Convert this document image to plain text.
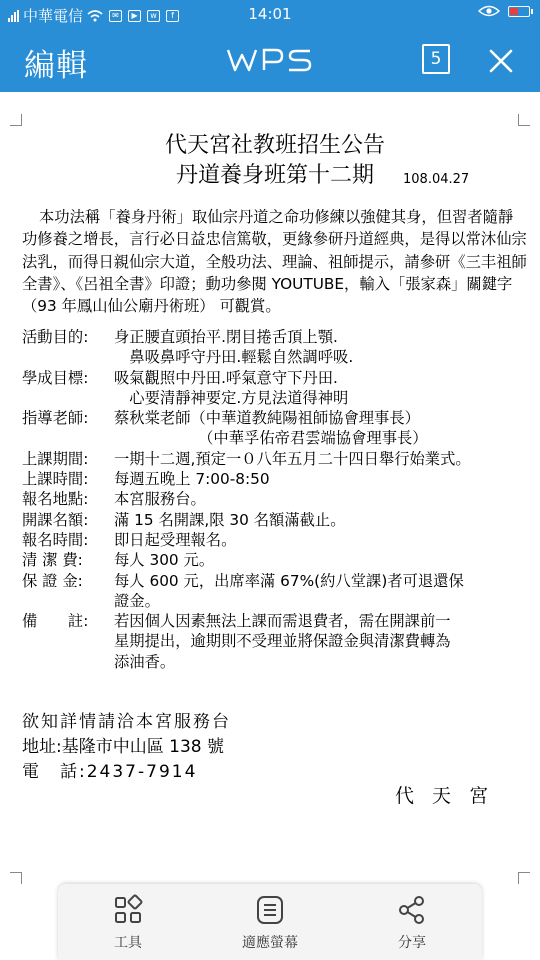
中華電信	✉	▶	w	f	14:01
編輯	5
代天宮社教班招生公告
丹道養身班第十二期	108.04.27
本功法稱「養身丹術」取仙宗丹道之命功修練以強健其身，但習者隨靜功修養之增長，言行必日益忠信篤敬，更緣參研丹道經典，是得以常沐仙宗法乳，而得日親仙宗大道，全般功法、理論、祖師提示，請參研《三丰祖師全書》、《呂祖全書》印證；動功參閱 YOUTUBE，輸入「張家森」關鍵字 （93 年鳳山仙公廟丹術班） 可觀賞。
活動目的:	身正腰直頭抬平.閉目捲舌頂上顎.
　鼻吸鼻呼守丹田.輕鬆自然調呼吸.
學成目標:	吸氣觀照中丹田.呼氣意守下丹田.
　心要清靜神要定.方見法道得神明
指導老師:	蔡秋棠老師（中華道教純陽祖師協會理事長）
　　　　　　（中華孚佑帝君雲端協會理事長）
上課期間:	一期十二週,預定一０八年五月二十四日舉行始業式。
上課時間:	每週五晚上 7:00-8:50
報名地點:	本宮服務台。
開課名額:	滿 15 名開課,限 30 名額滿截止。
報名時間:	即日起受理報名。
清 潔 費:	每人 300 元。
保 證 金:	每人 600 元，出席率滿 67%(約八堂課)者可退還保
證金。
備　　註:	若因個人因素無法上課而需退費者，需在開課前一
星期提出，逾期則不受理並將保證金與清潔費轉為
添油香。
欲知詳情請洽本宮服務台
地址:基隆市中山區 138 號
電　話:2437-7914
代 天 宮
工具	適應螢幕	分享
